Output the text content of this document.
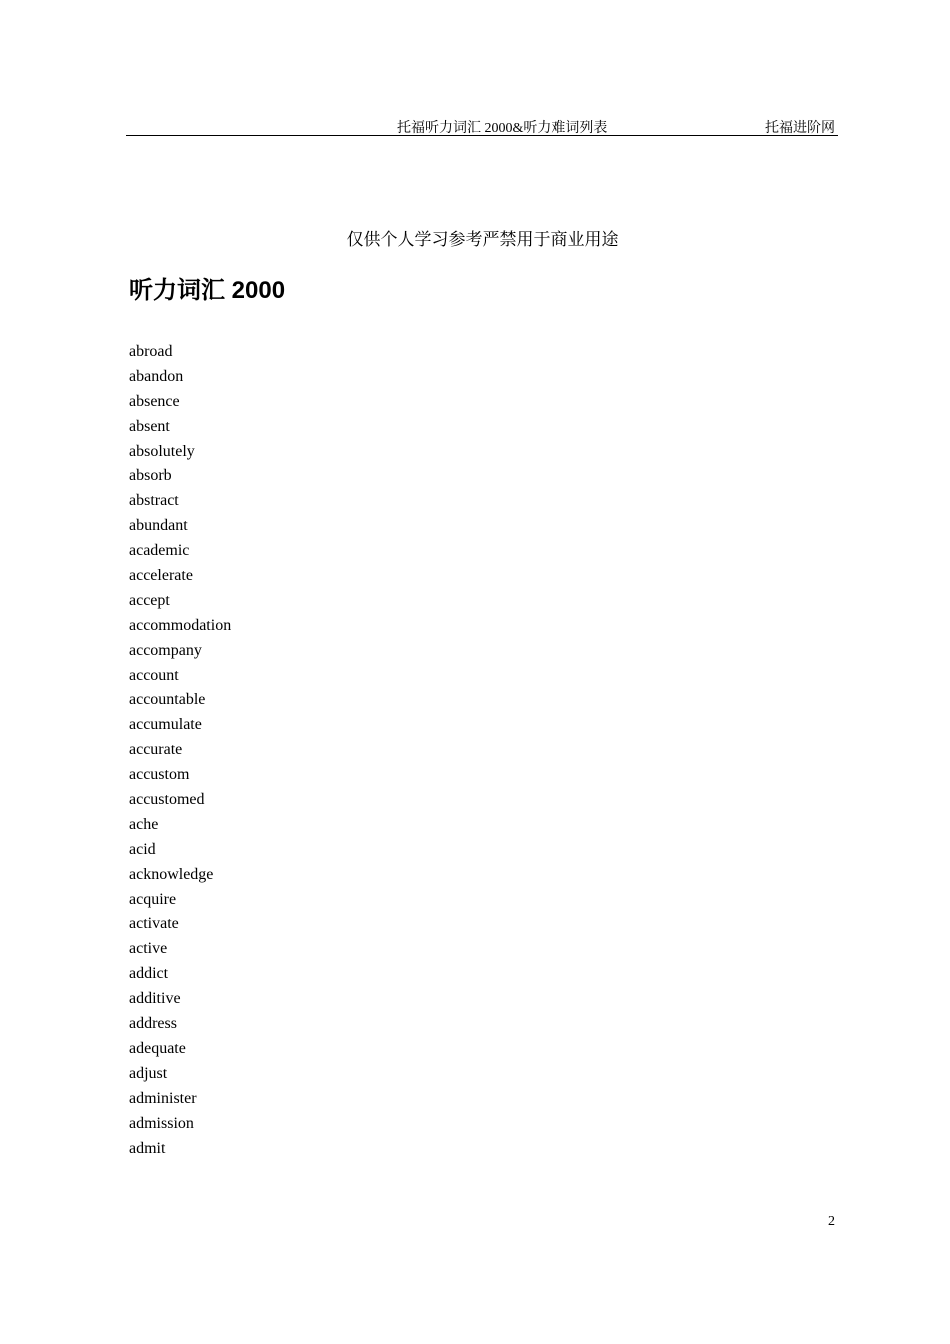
托福听力词汇 2000&听力难词列表	托福进阶网
仅供个人学习参考严禁用于商业用途
听力词汇 2000
abroad
abandon
absence
absent
absolutely
absorb
abstract
abundant
academic
accelerate
accept
accommodation
accompany
account
accountable
accumulate
accurate
accustom
accustomed
ache
acid
acknowledge
acquire
activate
active
addict
additive
address
adequate
adjust
administer
admission
admit
2
